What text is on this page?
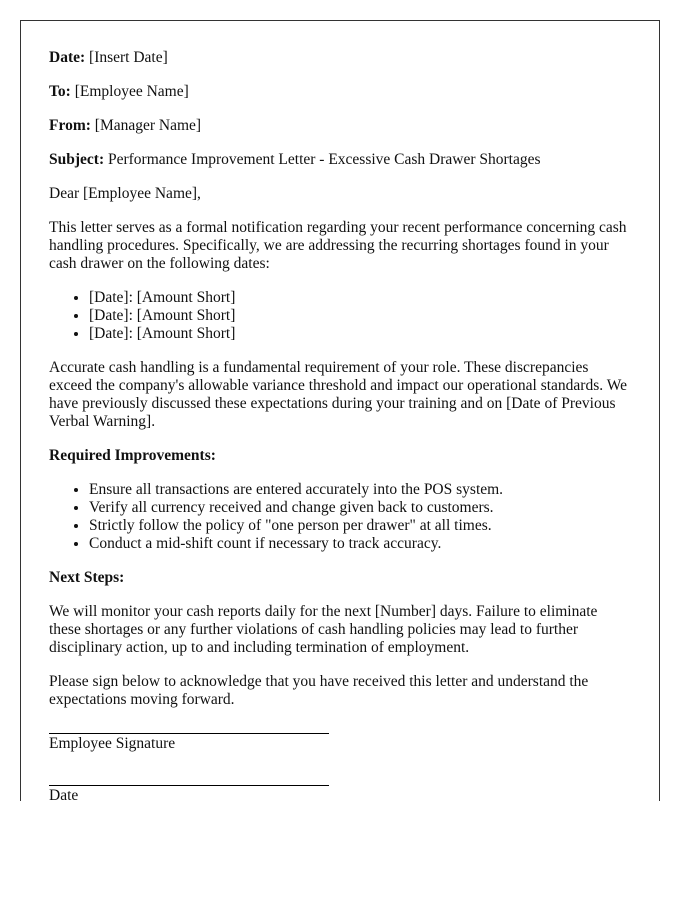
Date: [Insert Date]

To: [Employee Name]

From: [Manager Name]

Subject: Performance Improvement Letter - Excessive Cash Drawer Shortages

Dear [Employee Name],

This letter serves as a formal notification regarding your recent performance concerning cash handling procedures. Specifically, we are addressing the recurring shortages found in your cash drawer on the following dates:

• [Date]: [Amount Short]
• [Date]: [Amount Short]
• [Date]: [Amount Short]

Accurate cash handling is a fundamental requirement of your role. These discrepancies exceed the company's allowable variance threshold and impact our operational standards. We have previously discussed these expectations during your training and on [Date of Previous Verbal Warning].

Required Improvements:

• Ensure all transactions are entered accurately into the POS system.
• Verify all currency received and change given back to customers.
• Strictly follow the policy of "one person per drawer" at all times.
• Conduct a mid-shift count if necessary to track accuracy.

Next Steps:

We will monitor your cash reports daily for the next [Number] days. Failure to eliminate these shortages or any further violations of cash handling policies may lead to further disciplinary action, up to and including termination of employment.

Please sign below to acknowledge that you have received this letter and understand the expectations moving forward.

Employee Signature
Date
